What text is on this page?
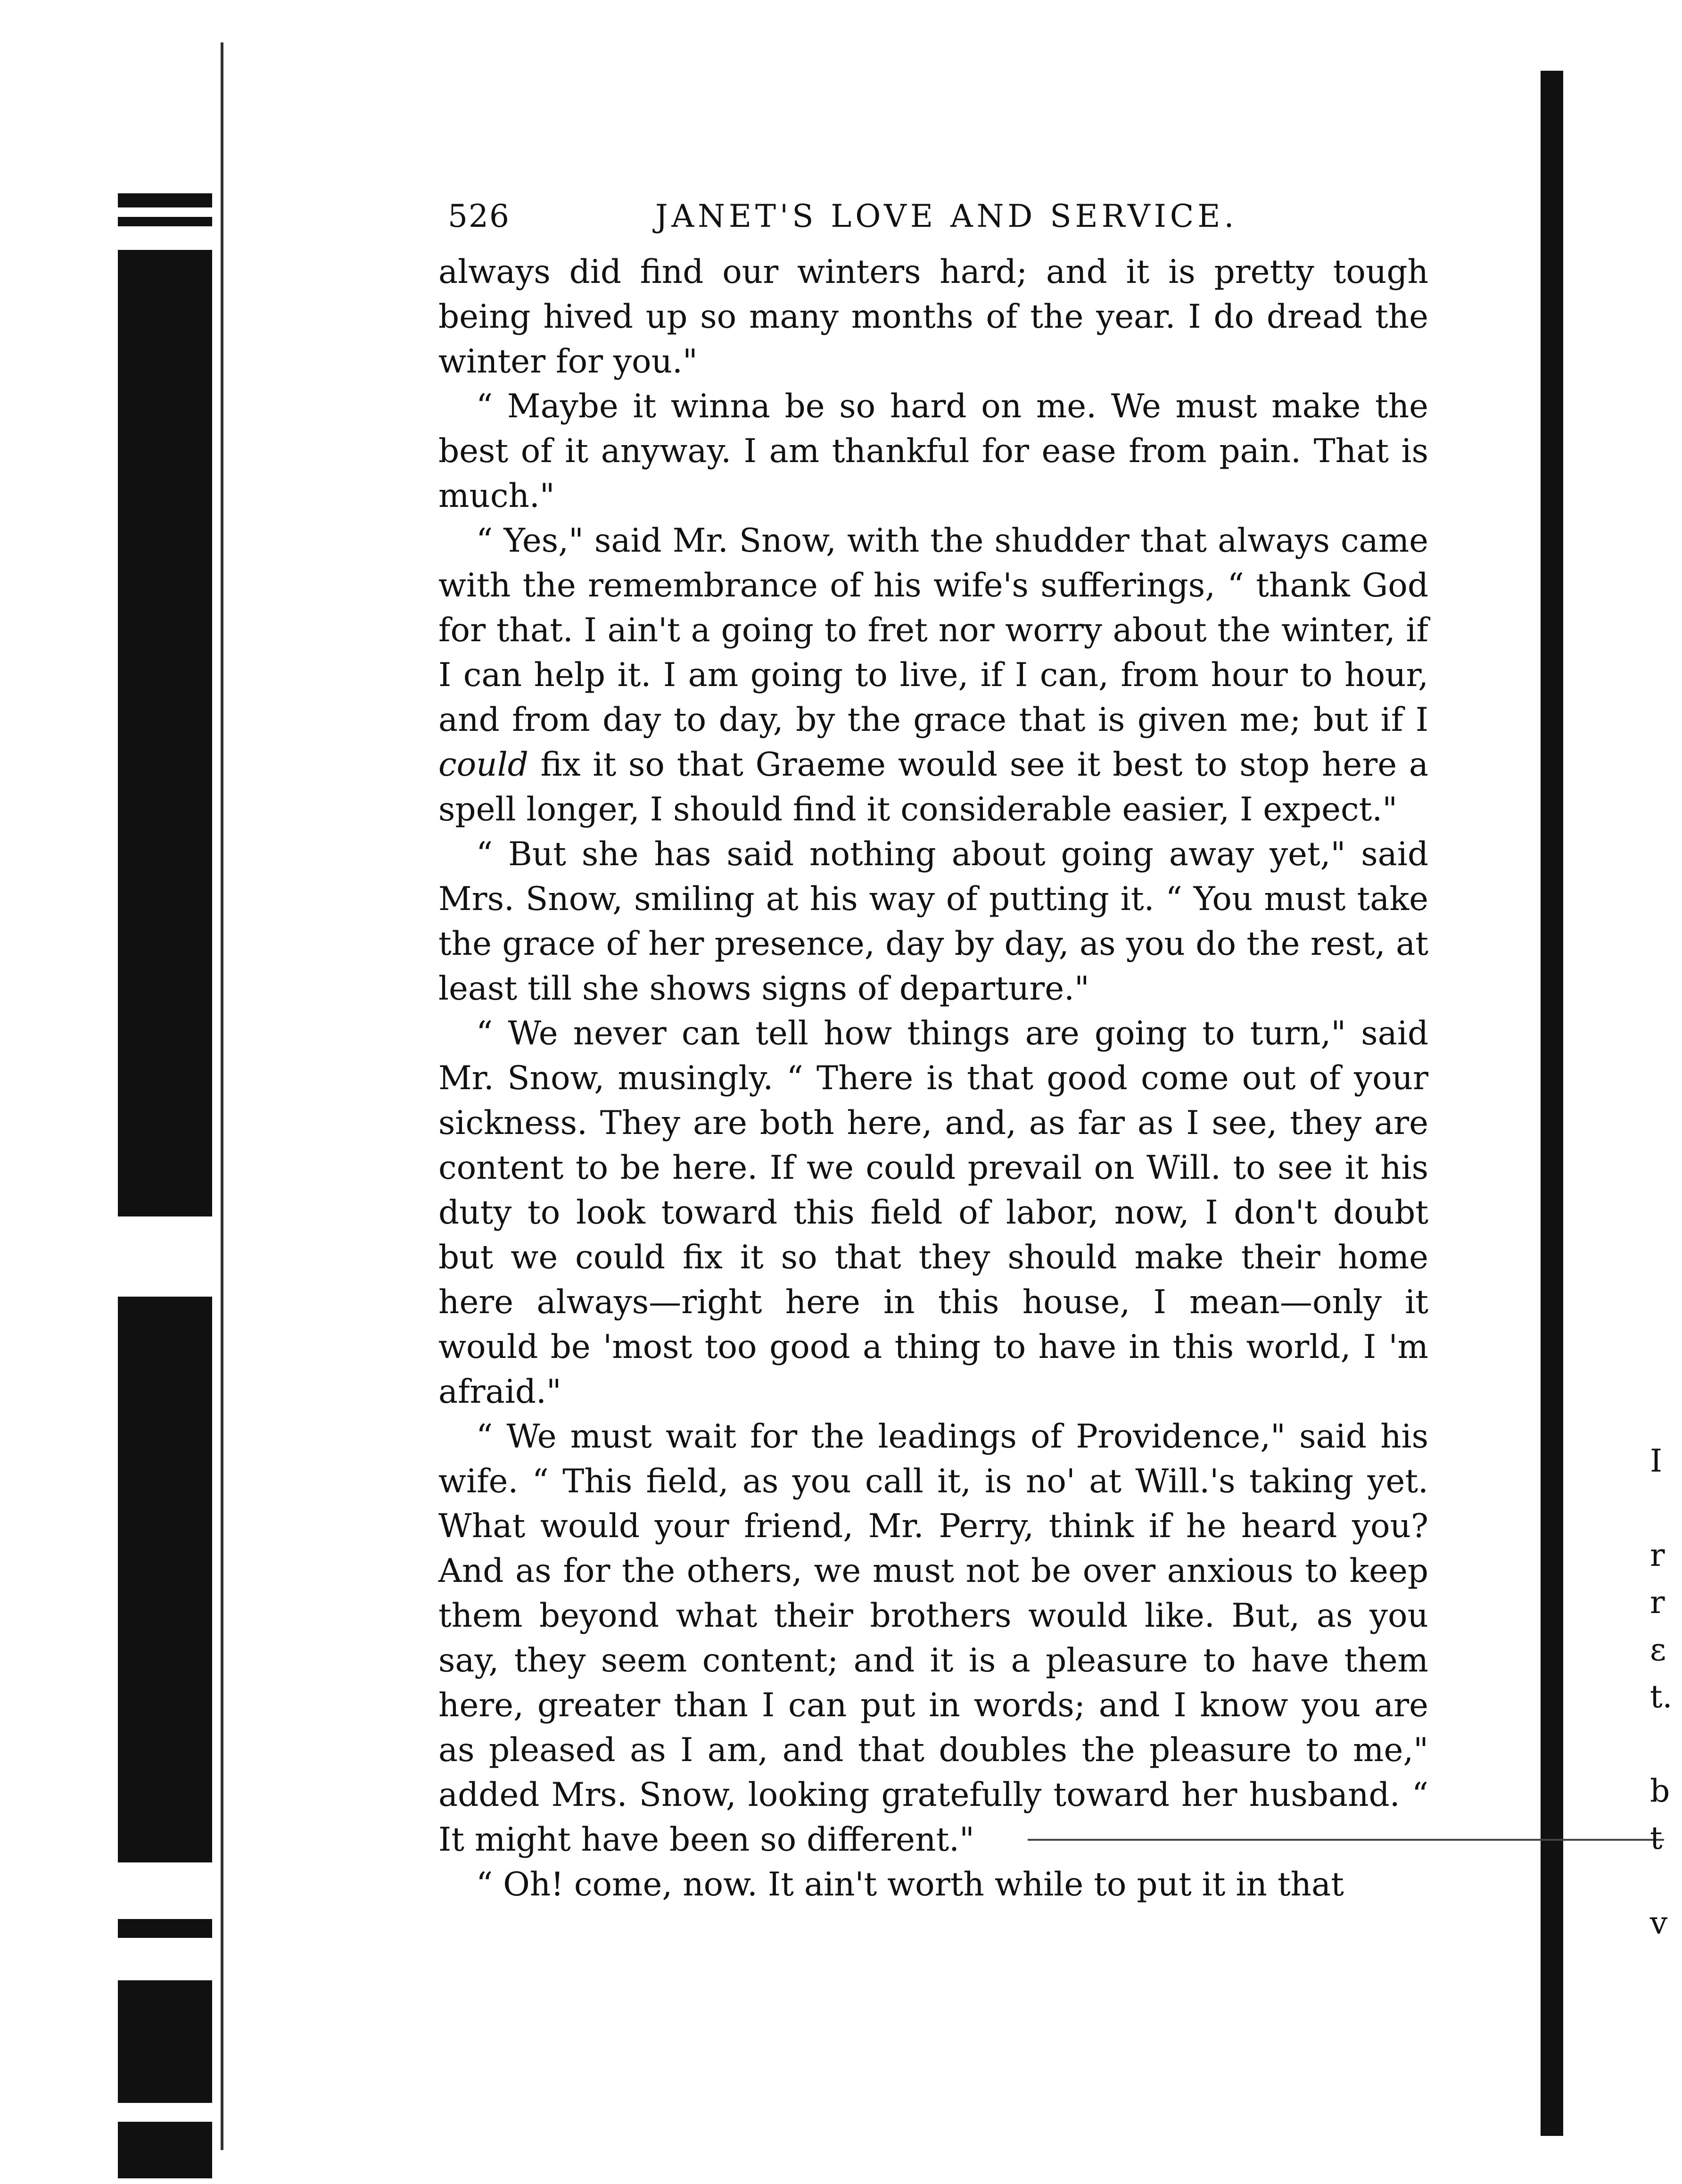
526	JANET'S LOVE AND SERVICE.

always did find our winters hard; and it is pretty tough being hived up so many months of the year. I do dread the winter for you."

“ Maybe it winna be so hard on me. We must make the best of it anyway. I am thankful for ease from pain. That is much."

“ Yes," said Mr. Snow, with the shudder that always came with the remembrance of his wife's sufferings, “ thank God for that. I ain't a going to fret nor worry about the winter, if I can help it. I am going to live, if I can, from hour to hour, and from day to day, by the grace that is given me; but if I could fix it so that Graeme would see it best to stop here a spell longer, I should find it considerable easier, I expect."

“ But she has said nothing about going away yet," said Mrs. Snow, smiling at his way of putting it. “ You must take the grace of her presence, day by day, as you do the rest, at least till she shows signs of departure."

“ We never can tell how things are going to turn," said Mr. Snow, musingly. “ There is that good come out of your sickness. They are both here, and, as far as I see, they are content to be here. If we could prevail on Will. to see it his duty to look toward this field of labor, now, I don't doubt but we could fix it so that they should make their home here always—right here in this house, I mean—only it would be 'most too good a thing to have in this world, I 'm afraid."

“ We must wait for the leadings of Providence," said his wife. “ This field, as you call it, is no' at Will.'s taking yet. What would your friend, Mr. Perry, think if he heard you? And as for the others, we must not be over anxious to keep them beyond what their brothers would like. But, as you say, they seem content; and it is a pleasure to have them here, greater than I can put in words; and I know you are as pleased as I am, and that doubles the pleasure to me," added Mrs. Snow, looking gratefully toward her husband. “ It might have been so different."

“ Oh! come, now. It ain't worth while to put it in that

I
r
r
ɛ
t.
b
t
v
